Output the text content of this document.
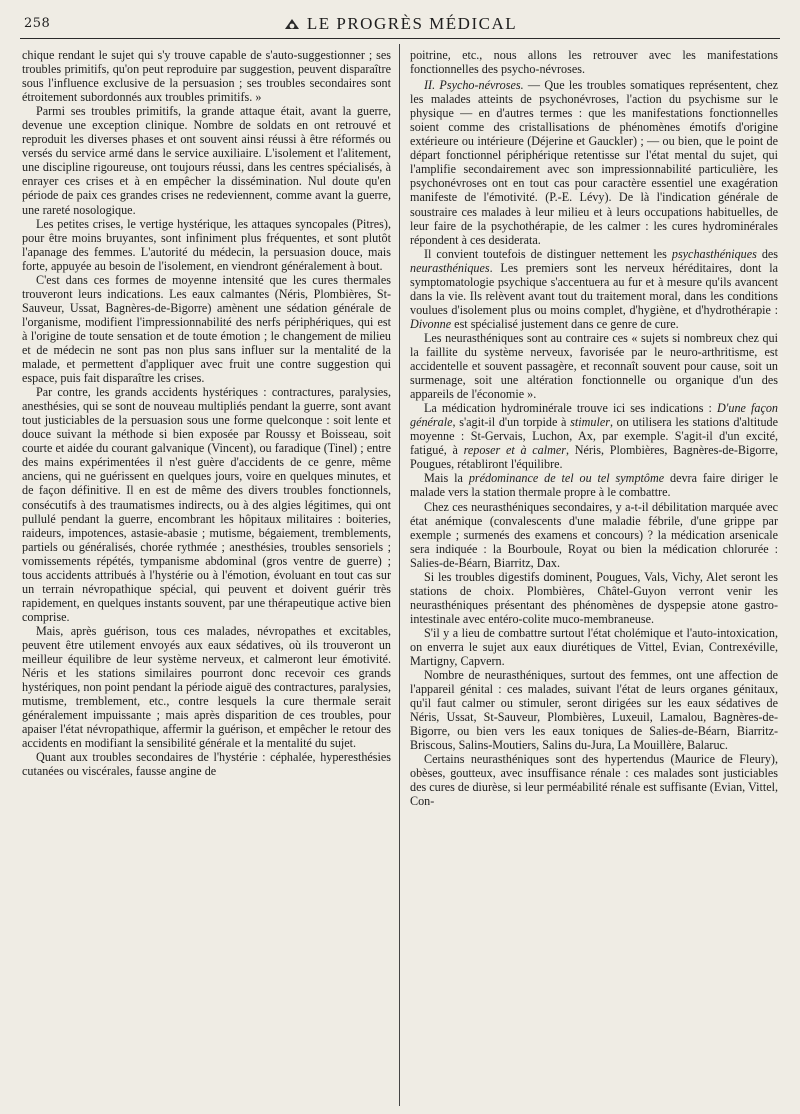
258	LE PROGRÈS MÉDICAL

chique rendant le sujet qui s'y trouve capable de s'auto-suggestionner ; ses troubles primitifs, qu'on peut reproduire par suggestion, peuvent disparaître sous l'influence exclusive de la persuasion ; ses troubles secondaires sont étroitement subordonnés aux troubles primitifs. »

Parmi ses troubles primitifs, la grande attaque était, avant la guerre, devenue une exception clinique. Nombre de soldats en ont retrouvé et reproduit les diverses phases et ont souvent ainsi réussi à être réformés ou versés du service armé dans le service auxiliaire. L'isolement et l'alitement, une discipline rigoureuse, ont toujours réussi, dans les centres spécialisés, à enrayer ces crises et à en empêcher la dissémination. Nul doute qu'en période de paix ces grandes crises ne redeviennent, comme avant la guerre, une rareté nosologique.

Les petites crises, le vertige hystérique, les attaques syncopales (Pitres), pour être moins bruyantes, sont infiniment plus fréquentes, et sont plutôt l'apanage des femmes. L'autorité du médecin, la persuasion douce, mais forte, appuyée au besoin de l'isolement, en viendront généralement à bout.

C'est dans ces formes de moyenne intensité que les cures thermales trouveront leurs indications. Les eaux calmantes (Néris, Plombières, St-Sauveur, Ussat, Bagnères-de-Bigorre) amènent une sédation générale de l'organisme, modifient l'impressionnabilité des nerfs périphériques, qui est à l'origine de toute sensation et de toute émotion ; le changement de milieu et de médecin ne sont pas non plus sans influer sur la mentalité de la malade, et permettent d'appliquer avec fruit une contre suggestion qui espace, puis fait disparaître les crises.

Par contre, les grands accidents hystériques : contractures, paralysies, anesthésies, qui se sont de nouveau multipliés pendant la guerre, sont avant tout justiciables de la persuasion sous une forme quelconque : soit lente et douce suivant la méthode si bien exposée par Roussy et Boisseau, soit courte et aidée du courant galvanique (Vincent), ou faradique (Tinel) ; entre des mains expérimentées il n'est guère d'accidents de ce genre, même anciens, qui ne guérissent en quelques jours, voire en quelques minutes, et de façon définitive. Il en est de même des divers troubles fonctionnels, consécutifs à des traumatismes indirects, ou à des algies légitimes, qui ont pullulé pendant la guerre, encombrant les hôpitaux militaires : boiteries, raideurs, impotences, astasie-abasie ; mutisme, bégaiement, tremblements, partiels ou généralisés, chorée rythmée ; anesthésies, troubles sensoriels ; vomissements répétés, tympanisme abdominal (gros ventre de guerre) ; tous accidents attribués à l'hystérie ou à l'émotion, évoluant en tout cas sur un terrain névropathique spécial, qui peuvent et doivent guérir très rapidement, en quelques instants souvent, par une thérapeutique active bien comprise.

Mais, après guérison, tous ces malades, névropathes et excitables, peuvent être utilement envoyés aux eaux sédatives, où ils trouveront un meilleur équilibre de leur système nerveux, et calmeront leur émotivité. Néris et les stations similaires pourront donc recevoir ces grands hystériques, non point pendant la période aiguë des contractures, paralysies, mutisme, tremblement, etc., contre lesquels la cure thermale serait généralement impuissante ; mais après disparition de ces troubles, pour apaiser l'état névropathique, affermir la guérison, et empêcher le retour des accidents en modifiant la sensibilité générale et la mentalité du sujet.

Quant aux troubles secondaires de l'hystérie : céphalée, hyperesthésies cutanées ou viscérales, fausse angine de

poitrine, etc., nous allons les retrouver avec les manifestations fonctionnelles des psycho-névroses.

II. Psycho-névroses. — Que les troubles somatiques représentent, chez les malades atteints de psychonévroses, l'action du psychisme sur le physique — en d'autres termes : que les manifestations fonctionnelles soient comme des cristallisations de phénomènes émotifs d'origine extérieure ou intérieure (Déjerine et Gauckler) ; — ou bien, que le point de départ fonctionnel périphérique retentisse sur l'état mental du sujet, qui l'amplifie secondairement avec son impressionnabilité particulière, les psychonévroses ont en tout cas pour caractère essentiel une exagération manifeste de l'émotivité. (P.-E. Lévy). De là l'indication générale de soustraire ces malades à leur milieu et à leurs occupations habituelles, de leur faire de la psychothérapie, de les calmer : les cures hydrominérales répondent à ces desiderata.

Il convient toutefois de distinguer nettement les psychasthéniques des neurasthéniques. Les premiers sont les nerveux héréditaires, dont la symptomatologie psychique s'accentuera au fur et à mesure qu'ils avancent dans la vie. Ils relèvent avant tout du traitement moral, dans les conditions voulues d'isolement plus ou moins complet, d'hygiène, et d'hydrothérapie : Divonne est spécialisé justement dans ce genre de cure.

Les neurasthéniques sont au contraire ces « sujets si nombreux chez qui la faillite du système nerveux, favorisée par le neuro-arthritisme, est accidentelle et souvent passagère, et reconnaît souvent pour cause, soit un surmenage, soit une altération fonctionnelle ou organique d'un des appareils de l'économie ».

La médication hydrominérale trouve ici ses indications : D'une façon générale, s'agit-il d'un torpide à stimuler, on utilisera les stations d'altitude moyenne : St-Gervais, Luchon, Ax, par exemple. S'agit-il d'un excité, fatigué, à reposer et à calmer, Néris, Plombières, Bagnères-de-Bigorre, Pougues, rétabliront l'équilibre.

Mais la prédominance de tel ou tel symptôme devra faire diriger le malade vers la station thermale propre à le combattre.

Chez ces neurasthéniques secondaires, y a-t-il débilitation marquée avec état anémique (convalescents d'une maladie fébrile, d'une grippe par exemple ; surmenés des examens et concours) ? la médication arsenicale sera indiquée : la Bourboule, Royat ou bien la médication chlorurée : Salies-de-Béarn, Biarritz, Dax.

Si les troubles digestifs dominent, Pougues, Vals, Vichy, Alet seront les stations de choix. Plombières, Châtel-Guyon verront venir les neurasthéniques présentant des phénomènes de dyspepsie atone gastro-intestinale avec entéro-colite muco-membraneuse.

S'il y a lieu de combattre surtout l'état cholémique et l'auto-intoxication, on enverra le sujet aux eaux diurétiques de Vittel, Evian, Contrexéville, Martigny, Capvern.

Nombre de neurasthéniques, surtout des femmes, ont une affection de l'appareil génital : ces malades, suivant l'état de leurs organes génitaux, qu'il faut calmer ou stimuler, seront dirigées sur les eaux sédatives de Néris, Ussat, St-Sauveur, Plombières, Luxeuil, Lamalou, Bagnères-de-Bigorre, ou bien vers les eaux toniques de Salies-de-Béarn, Biarritz-Briscous, Salins-Moutiers, Salins du-Jura, La Mouillère, Balaruc.

Certains neurasthéniques sont des hypertendus (Maurice de Fleury), obèses, goutteux, avec insuffisance rénale : ces malades sont justiciables des cures de diurèse, si leur perméabilité rénale est suffisante (Evian, Vittel, Con-
